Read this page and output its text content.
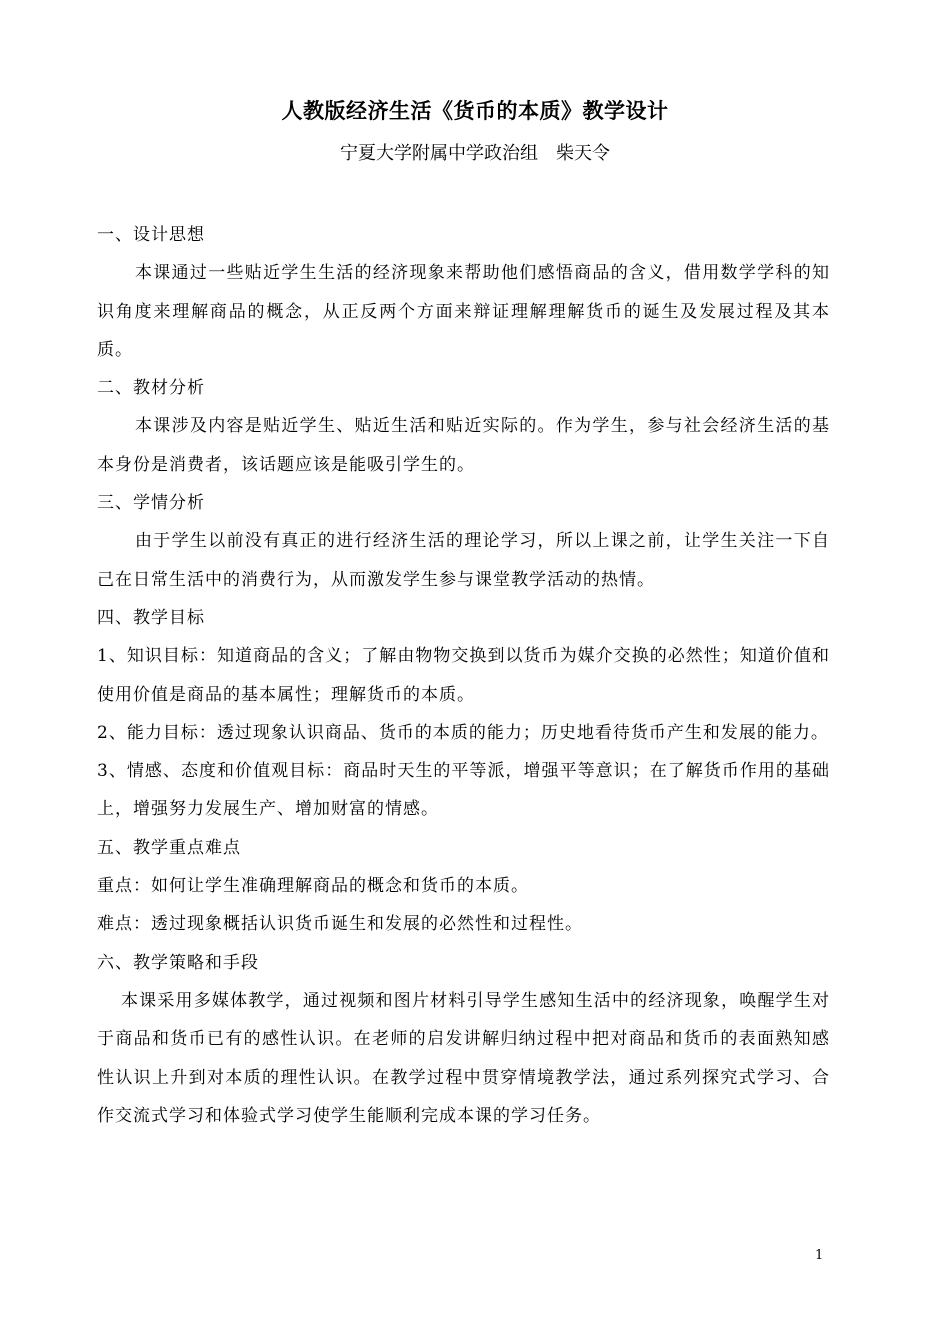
人教版经济生活《货币的本质》教学设计
宁夏大学附属中学政治组　柴天令

一、设计思想

本课通过一些贴近学生生活的经济现象来帮助他们感悟商品的含义，借用数学学科的知识角度来理解商品的概念，从正反两个方面来辩证理解理解货币的诞生及发展过程及其本质。

二、教材分析

本课涉及内容是贴近学生、贴近生活和贴近实际的。作为学生，参与社会经济生活的基本身份是消费者，该话题应该是能吸引学生的。

三、学情分析

由于学生以前没有真正的进行经济生活的理论学习，所以上课之前，让学生关注一下自己在日常生活中的消费行为，从而激发学生参与课堂教学活动的热情。

四、教学目标

1、知识目标：知道商品的含义；了解由物物交换到以货币为媒介交换的必然性；知道价值和使用价值是商品的基本属性；理解货币的本质。

2、能力目标：透过现象认识商品、货币的本质的能力；历史地看待货币产生和发展的能力。

3、情感、态度和价值观目标：商品时天生的平等派，增强平等意识；在了解货币作用的基础上，增强努力发展生产、增加财富的情感。

五、教学重点难点

重点：如何让学生准确理解商品的概念和货币的本质。

难点：透过现象概括认识货币诞生和发展的必然性和过程性。

六、教学策略和手段

本课采用多媒体教学，通过视频和图片材料引导学生感知生活中的经济现象，唤醒学生对于商品和货币已有的感性认识。在老师的启发讲解归纳过程中把对商品和货币的表面熟知感性认识上升到对本质的理性认识。在教学过程中贯穿情境教学法，通过系列探究式学习、合作交流式学习和体验式学习使学生能顺利完成本课的学习任务。

1
